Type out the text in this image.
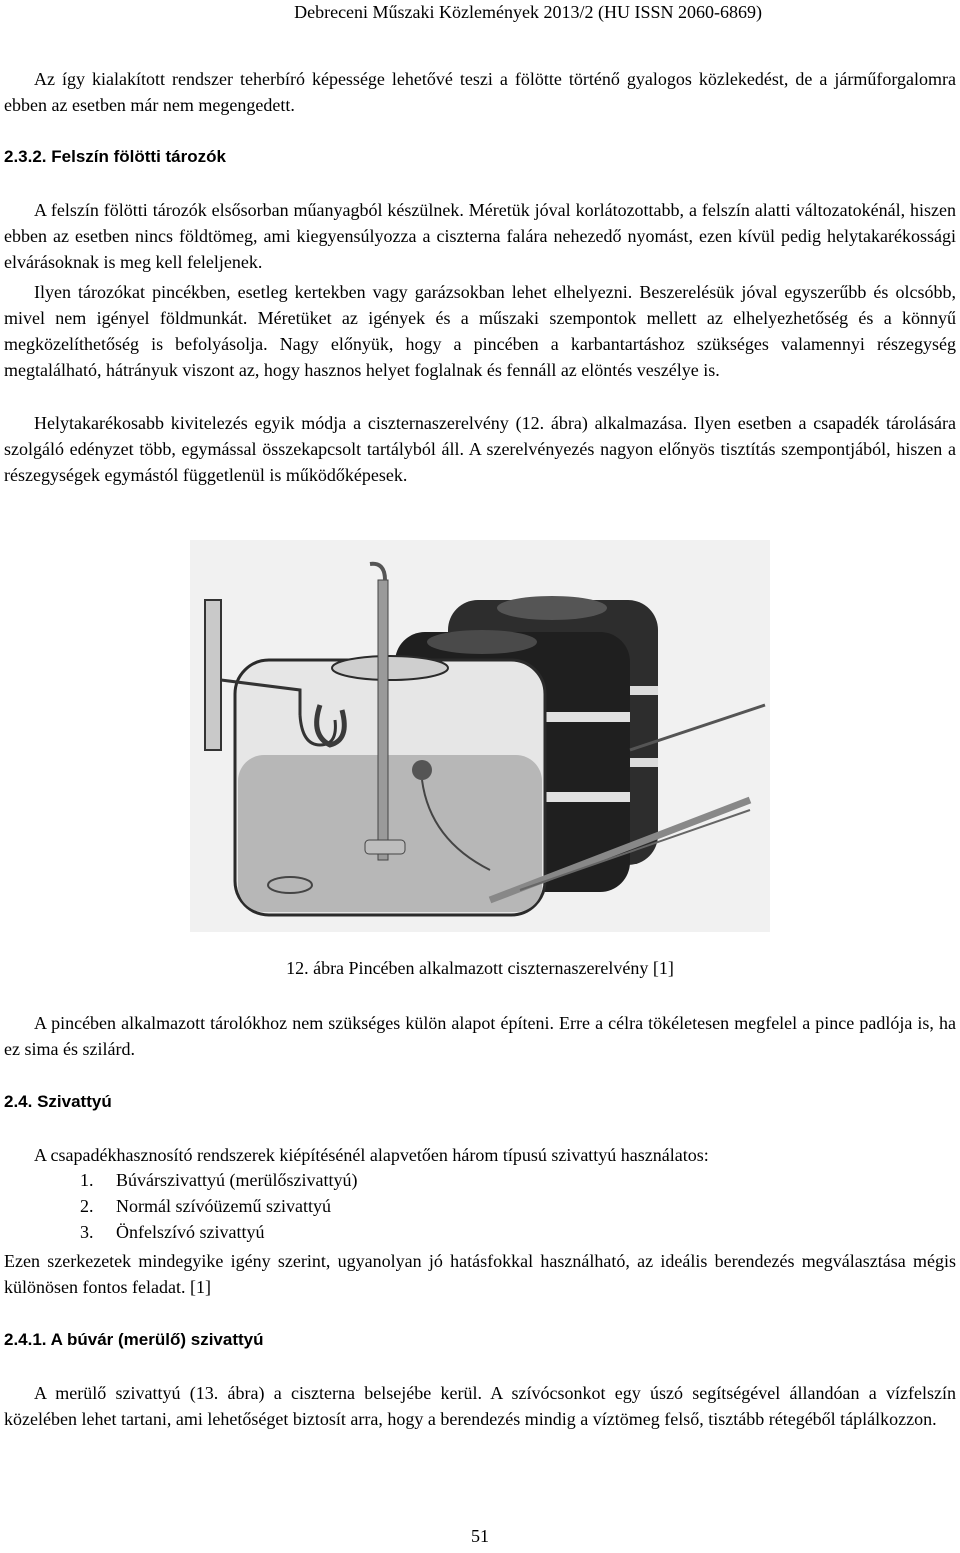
Debreceni Műszaki Közlemények 2013/2 (HU ISSN 2060-6869)

Az így kialakított rendszer teherbíró képessége lehetővé teszi a fölötte történő gyalogos közlekedést, de a járműforgalomra ebben az esetben már nem megengedett.

2.3.2. Felszín fölötti tározók

A felszín fölötti tározók elsősorban műanyagból készülnek. Méretük jóval korlátozottabb, a felszín alatti változatokénál, hiszen ebben az esetben nincs földtömeg, ami kiegyensúlyozza a ciszterna falára nehezedő nyomást, ezen kívül pedig helytakarékossági elvárásoknak is meg kell feleljenek.

Ilyen tározókat pincékben, esetleg kertekben vagy garázsokban lehet elhelyezni. Beszerelésük jóval egyszerűbb és olcsóbb, mivel nem igényel földmunkát. Méretüket az igények és a műszaki szempontok mellett az elhelyezhetőség és a könnyű megközelíthetőség is befolyásolja. Nagy előnyük, hogy a pincében a karbantartáshoz szükséges valamennyi részegység megtalálható, hátrányuk viszont az, hogy hasznos helyet foglalnak és fennáll az elöntés veszélye is.

Helytakarékosabb kivitelezés egyik módja a ciszternaszerelvény (12. ábra) alkalmazása. Ilyen esetben a csapadék tárolására szolgáló edényzet több, egymással összekapcsolt tartályból áll. A szerelvényezés nagyon előnyös tisztítás szempontjából, hiszen a részegységek egymástól függetlenül is működőképesek.

12. ábra Pincében alkalmazott ciszternaszerelvény [1]

A pincében alkalmazott tárolókhoz nem szükséges külön alapot építeni. Erre a célra tökéletesen megfelel a pince padlója is, ha ez sima és szilárd.

2.4. Szivattyú

A csapadékhasznosító rendszerek kiépítésénél alapvetően három típusú szivattyú használatos:

1. Búvárszivattyú (merülőszivattyú)
2. Normál szívóüzemű szivattyú
3. Önfelszívó szivattyú

Ezen szerkezetek mindegyike igény szerint, ugyanolyan jó hatásfokkal használható, az ideális berendezés megválasztása mégis különösen fontos feladat. [1]

2.4.1. A búvár (merülő) szivattyú

A merülő szivattyú (13. ábra) a ciszterna belsejébe kerül. A szívócsonkot egy úszó segítségével állandóan a vízfelszín közelében lehet tartani, ami lehetőséget biztosít arra, hogy a berendezés mindig a víztömeg felső, tisztább rétegéből táplálkozzon.

51
